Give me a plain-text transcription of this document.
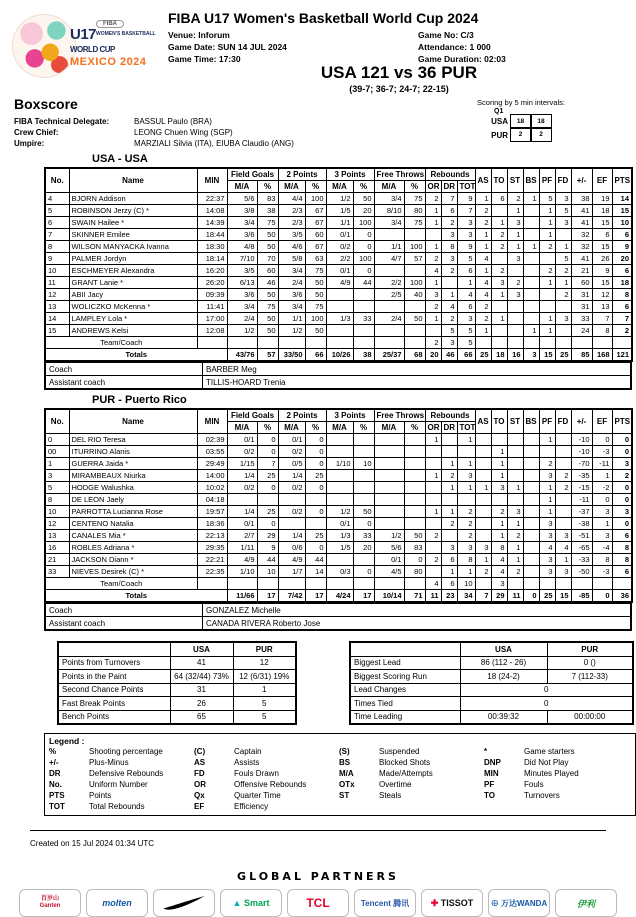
FIBA
$U17^{WOMEN'S BASKETBALL}$
WORLD CUP
MEXICO 2024
FIBA U17 Women's Basketball World Cup 2024
Venue: Inforum
Game Date: SUN 14 JUL 2024
Game Time: 17:30
Game No: C/3
Attendance: 1 000
Game Duration: 02:03
USA 121 vs 36 PUR
(39-7; 36-7; 24-7; 22-15)
Boxscore
FIBA Technical Delegate:	BASSUL Paulo (BRA)
Crew Chief:	LEONG Chuen Wing (SGP)
Umpire:	MARZIALI Silvia (ITA), EIUBA Claudio (ANG)
Scoring by 5 min intervals:
Q1
USA	18	18
PUR	2	2
USA - USA
No.	Name	MIN	Field Goals		2 Points		3 Points		Free Throws		Rebounds			AS	TO	ST	BS	PF	FD	+/-	EF	PTS
			M/A	%	M/A	%	M/A	%	M/A	%	OR	DR	TOT									
4	BJORN Addison	22:37	5/6	83	4/4	100	1/2	50	3/4	75	2	7	9	1	6	2	1	5	3	38	19	14
5	ROBINSON Jerzy (C) *	14:08	3/8	38	2/3	67	1/5	20	8/10	80	1	6	7	2		1		1	5	41	18	15
6	SWAIN Hailee *	14:39	3/4	75	2/3	67	1/1	100	3/4	75	1	2	3	2	1	3		1	3	41	15	10
7	SKINNER Emilee	18:44	3/6	50	3/5	60	0/1	0				3	3	1	2	1		1		32	6	6
8	WILSON MANYACKA Ivanna	18:30	4/8	50	4/6	67	0/2	0	1/1	100	1	8	9	1	2	1	1	2	1	32	15	9
9	PALMER Jordyn	18:14	7/10	70	5/8	63	2/2	100	4/7	57	2	3	5	4		3			5	41	26	20
10	ESCHMEYER Alexandra	16:20	3/5	60	3/4	75	0/1	0			4	2	6	1	2			2	2	21	9	6
11	GRANT Lanie *	26:20	6/13	46	2/4	50	4/9	44	2/2	100	1		1	4	3	2		1	1	60	15	18
12	ABII Jacy	09:39	3/6	50	3/6	50			2/5	40	3	1	4	4	1	3			2	31	12	8
13	WOLICZKO McKenna *	11:41	3/4	75	3/4	75					2	4	6	2						31	13	6
14	LAMPLEY Lola *	17:00	2/4	50	1/1	100	1/3	33	2/4	50	1	2	3	2	1			1	3	33	7	7
15	ANDREWS Kelsi	12:08	1/2	50	1/2	50						5	5	1			1	1		24	8	2
Team/Coach											2	3	5									
Totals			43/76	57	33/50	66	10/26	38	25/37	68	20	46	66	25	18	16	3	15	25	85	168	121
Coach	BARBER Meg
Assistant coach	TILLIS-HOARD Trenia
PUR - Puerto Rico
No.	Name	MIN	Field Goals		2 Points		3 Points		Free Throws		Rebounds			AS	TO	ST	BS	PF	FD	+/-	EF	PTS
			M/A	%	M/A	%	M/A	%	M/A	%	OR	DR	TOT									
0	DEL RIO Teresa	02:39	0/1	0	0/1	0					1		1					1		-10	0	0
00	ITURRINO Alanis	03:55	0/2	0	0/2	0									1					-10	-3	0
1	GUERRA Jaida *	29:49	1/15	7	0/5	0	1/10	10				1	1		1			2		-70	-11	3
3	MIRAMBEAUX Niurka	14:00	1/4	25	1/4	25					1	2	3		1			3	2	-35	1	2
5	HODGE Walushka	10:02	0/2	0	0/2	0						1	1	1	3	1		1	2	-15	-2	0
8	DE LEON Jaely	04:18																1		-11	0	0
10	PARROTTA Lucianna Rose	19:57	1/4	25	0/2	0	1/2	50			1	1	2		2	3		1		-37	3	3
12	CENTENO Natalia	18:36	0/1	0			0/1	0				2	2		1	1		3		-38	1	0
13	CANALES Mia *	22:13	2/7	29	1/4	25	1/3	33	1/2	50	2		2		1	2		3	3	-51	3	6
16	ROBLES Adriana *	29:35	1/11	9	0/6	0	1/5	20	5/6	83		3	3	3	8	1		4	4	-65	-4	8
21	JACKSON Diann *	22:21	4/9	44	4/9	44			0/1	0	2	6	8	1	4	1		3	1	-33	8	8
33	NIEVES Desirek (C) *	22:35	1/10	10	1/7	14	0/3	0	4/5	80		1	1	2	4	2		3	3	-50	-3	6
Team/Coach											4	6	10		3							
Totals			11/66	17	7/42	17	4/24	17	10/14	71	11	23	34	7	29	11	0	25	15	-85	0	36
Coach	GONZALEZ Michelle
Assistant coach	CANADA RIVERA Roberto Jose
	USA	PUR
Points from Turnovers	41	12
Points in the Paint	64 (32/44) 73%	12 (6/31) 19%
Second Chance Points	31	1
Fast Break Points	26	5
Bench Points	65	5
	USA	PUR
Biggest Lead	86 (112 - 26)	0 ()
Biggest Scoring Run	18 (24-2)	7 (112-33)
Lead Changes	0	
Times Tied	0	
Time Leading	00:39:32	00:00:00
Legend :
%	Shooting percentage	(C)	Captain	(S)	Suspended	*	Game starters
+/-	Plus-Minus	AS	Assists	BS	Blocked Shots	DNP	Did Not Play
DR	Defensive Rebounds	FD	Fouls Drawn	M/A	Made/Attempts	MIN	Minutes Played
No.	Uniform Number	OR	Offensive Rebounds	OTx	Overtime	PF	Fouls
PTS	Points	Qx	Quarter Time	ST	Steals	TO	Turnovers
TOT	Total Rebounds	EF	Efficiency
Created on 15 Jul 2024 01:34 UTC
GLOBAL PARTNERS
百岁山
Ganten	molten	▲ Smart	TCL	Tencent 腾讯 ✚ TISSOT ⊕ 万达WANDA	伊利
